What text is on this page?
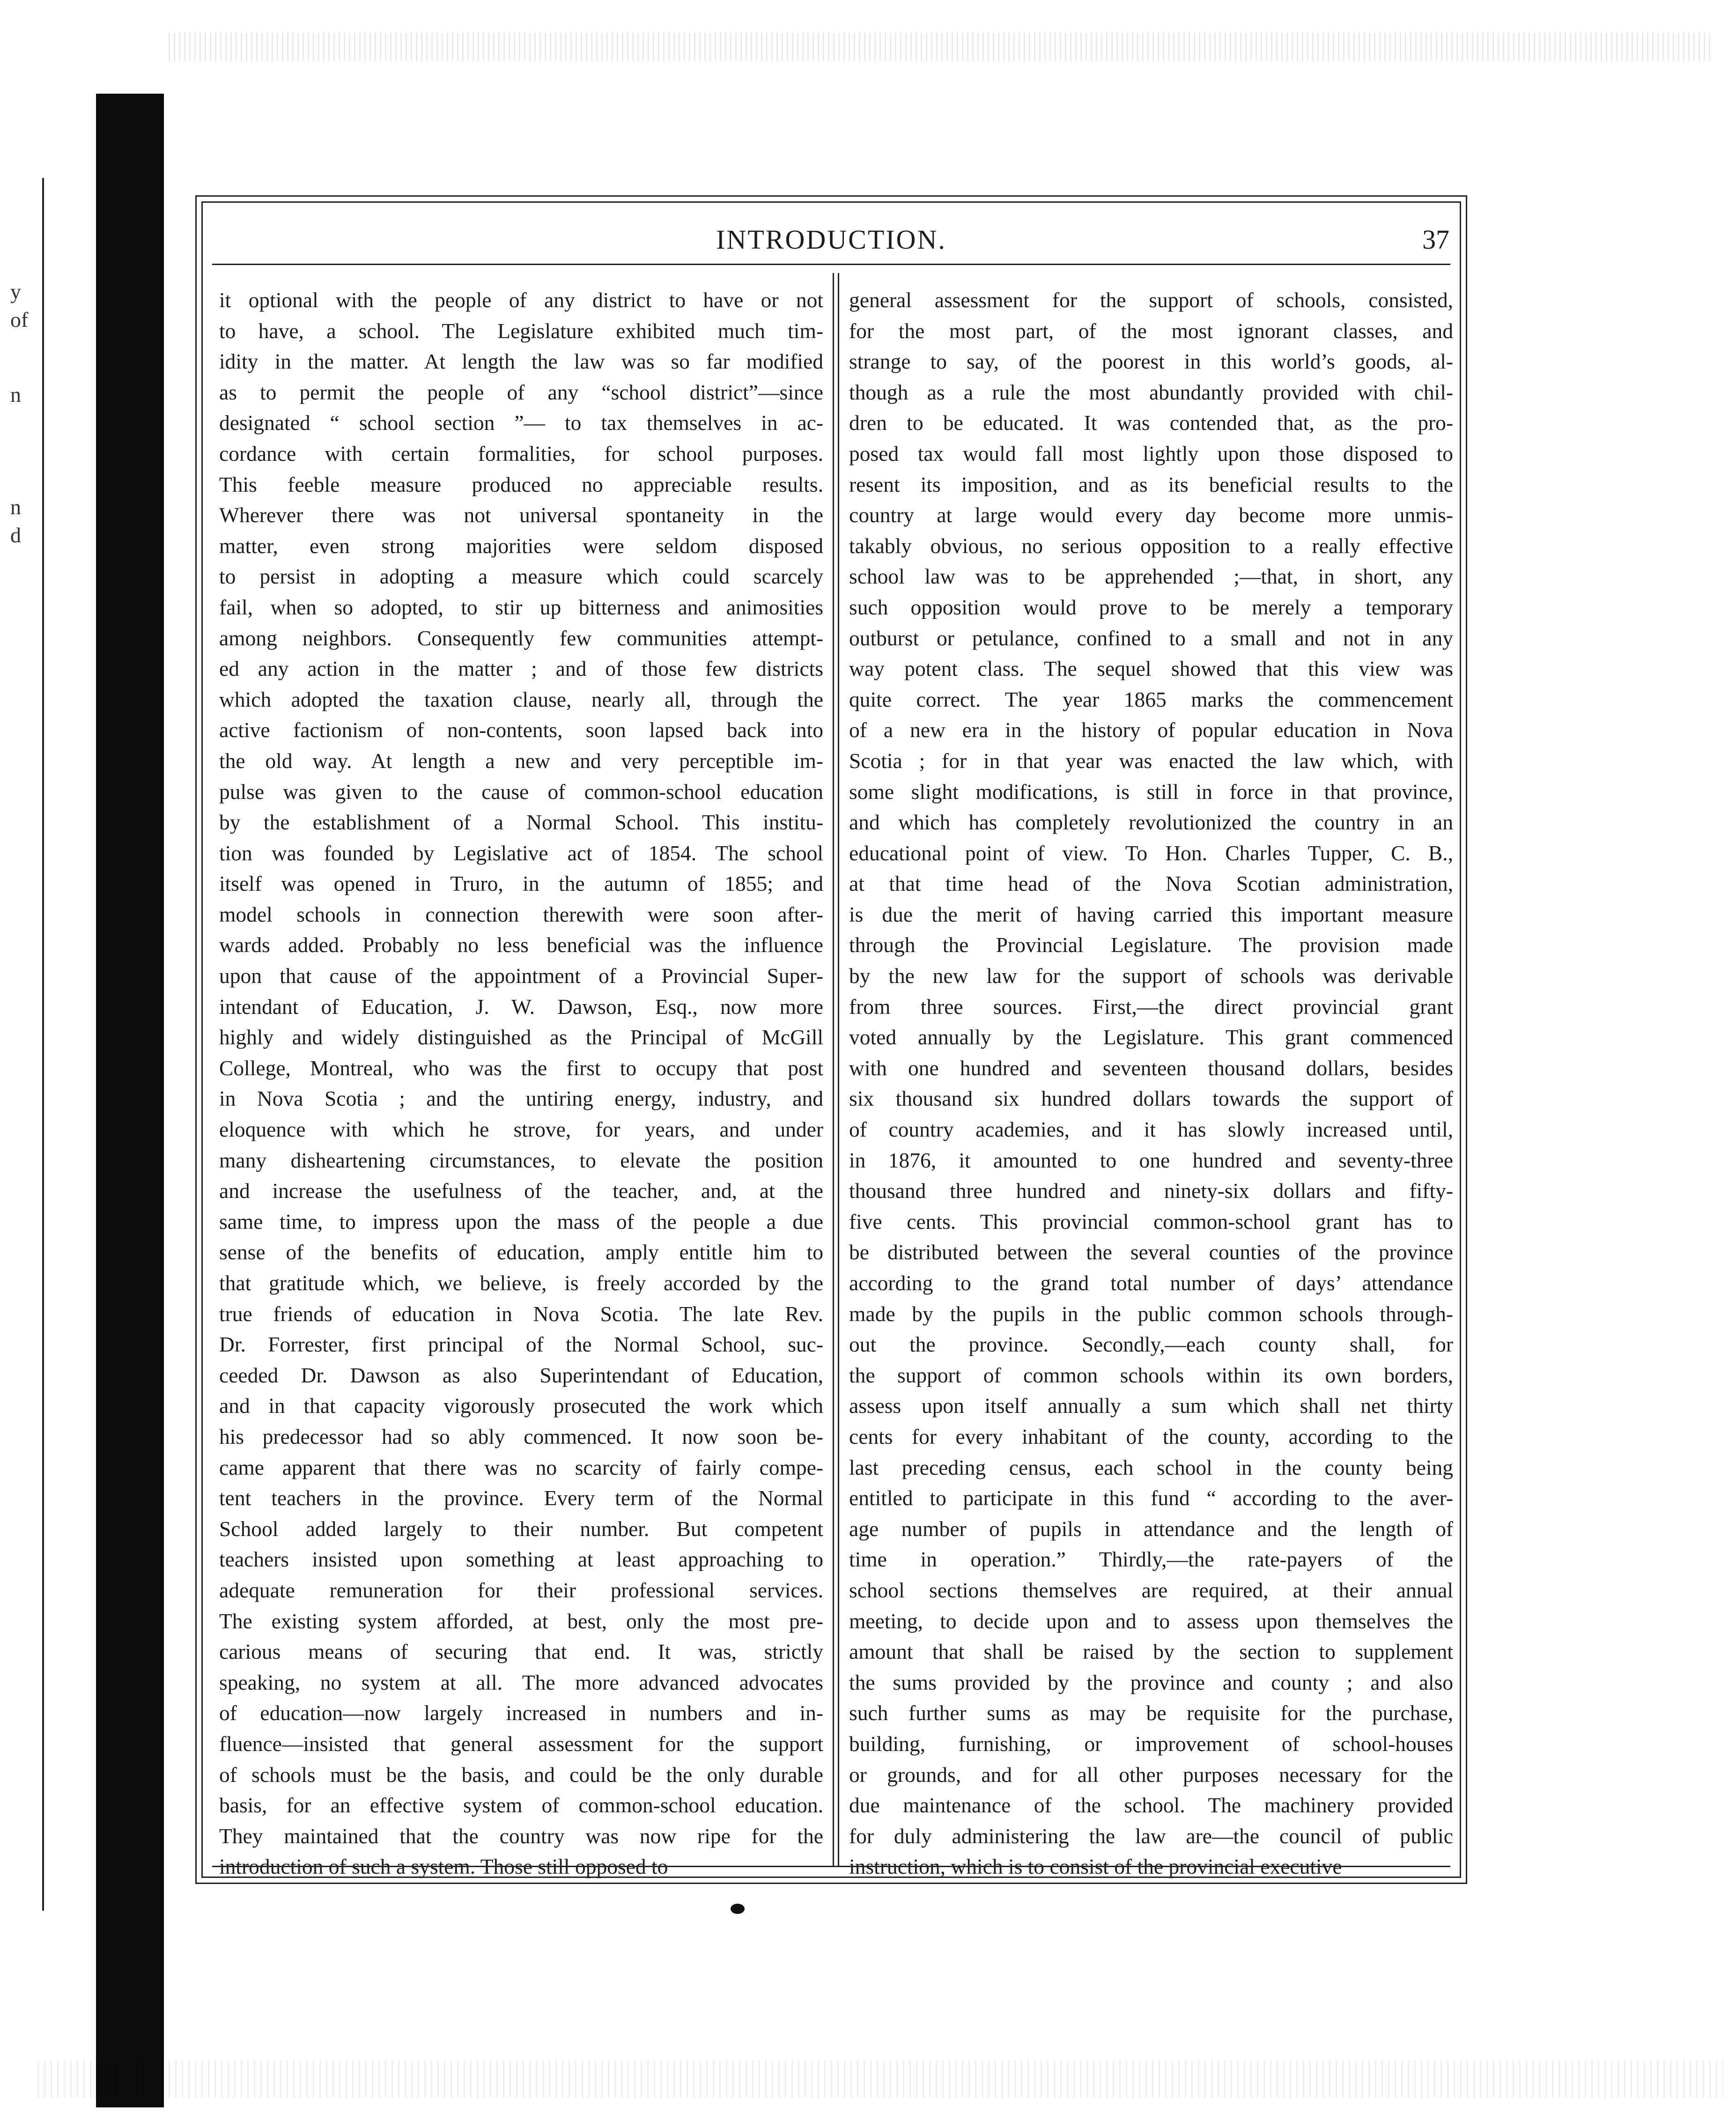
y
of
n
n
d
INTRODUCTION.	37
it optional with the people of any district to have or not
to have, a school. The Legislature exhibited much tim-
idity in the matter. At length the law was so far modified
as to permit the people of any “school district”—since
designated “ school section ”— to tax themselves in ac-
cordance with certain formalities, for school purposes.
This feeble measure produced no appreciable results.
Wherever there was not universal spontaneity in the
matter, even strong majorities were seldom disposed
to persist in adopting a measure which could scarcely
fail, when so adopted, to stir up bitterness and animosities
among neighbors. Consequently few communities attempt-
ed any action in the matter ; and of those few districts
which adopted the taxation clause, nearly all, through the
active factionism of non-contents, soon lapsed back into
the old way. At length a new and very perceptible im-
pulse was given to the cause of common-school education
by the establishment of a Normal School. This institu-
tion was founded by Legislative act of 1854. The school
itself was opened in Truro, in the autumn of 1855; and
model schools in connection therewith were soon after-
wards added. Probably no less beneficial was the influence
upon that cause of the appointment of a Provincial Super-
intendant of Education, J. W. Dawson, Esq., now more
highly and widely distinguished as the Principal of McGill
College, Montreal, who was the first to occupy that post
in Nova Scotia ; and the untiring energy, industry, and
eloquence with which he strove, for years, and under
many disheartening circumstances, to elevate the position
and increase the usefulness of the teacher, and, at the
same time, to impress upon the mass of the people a due
sense of the benefits of education, amply entitle him to
that gratitude which, we believe, is freely accorded by the
true friends of education in Nova Scotia. The late Rev.
Dr. Forrester, first principal of the Normal School, suc-
ceeded Dr. Dawson as also Superintendant of Education,
and in that capacity vigorously prosecuted the work which
his predecessor had so ably commenced. It now soon be-
came apparent that there was no scarcity of fairly compe-
tent teachers in the province. Every term of the Normal
School added largely to their number. But competent
teachers insisted upon something at least approaching to
adequate remuneration for their professional services.
The existing system afforded, at best, only the most pre-
carious means of securing that end. It was, strictly
speaking, no system at all. The more advanced advocates
of education—now largely increased in numbers and in-
fluence—insisted that general assessment for the support
of schools must be the basis, and could be the only durable
basis, for an effective system of common-school education.
They maintained that the country was now ripe for the
introduction of such a system. Those still opposed to
general assessment for the support of schools, consisted,
for the most part, of the most ignorant classes, and
strange to say, of the poorest in this world’s goods, al-
though as a rule the most abundantly provided with chil-
dren to be educated. It was contended that, as the pro-
posed tax would fall most lightly upon those disposed to
resent its imposition, and as its beneficial results to the
country at large would every day become more unmis-
takably obvious, no serious opposition to a really effective
school law was to be apprehended ;—that, in short, any
such opposition would prove to be merely a temporary
outburst or petulance, confined to a small and not in any
way potent class. The sequel showed that this view was
quite correct. The year 1865 marks the commencement
of a new era in the history of popular education in Nova
Scotia ; for in that year was enacted the law which, with
some slight modifications, is still in force in that province,
and which has completely revolutionized the country in an
educational point of view. To Hon. Charles Tupper, C. B.,
at that time head of the Nova Scotian administration,
is due the merit of having carried this important measure
through the Provincial Legislature. The provision made
by the new law for the support of schools was derivable
from three sources. First,—the direct provincial grant
voted annually by the Legislature. This grant commenced
with one hundred and seventeen thousand dollars, besides
six thousand six hundred dollars towards the support of
of country academies, and it has slowly increased until,
in 1876, it amounted to one hundred and seventy-three
thousand three hundred and ninety-six dollars and fifty-
five cents. This provincial common-school grant has to
be distributed between the several counties of the province
according to the grand total number of days’ attendance
made by the pupils in the public common schools through-
out the province. Secondly,—each county shall, for
the support of common schools within its own borders,
assess upon itself annually a sum which shall net thirty
cents for every inhabitant of the county, according to the
last preceding census, each school in the county being
entitled to participate in this fund “ according to the aver-
age number of pupils in attendance and the length of
time in operation.” Thirdly,—the rate-payers of the
school sections themselves are required, at their annual
meeting, to decide upon and to assess upon themselves the
amount that shall be raised by the section to supplement
the sums provided by the province and county ; and also
such further sums as may be requisite for the purchase,
building, furnishing, or improvement of school-houses
or grounds, and for all other purposes necessary for the
due maintenance of the school. The machinery provided
for duly administering the law are—the council of public
instruction, which is to consist of the provincial executive
